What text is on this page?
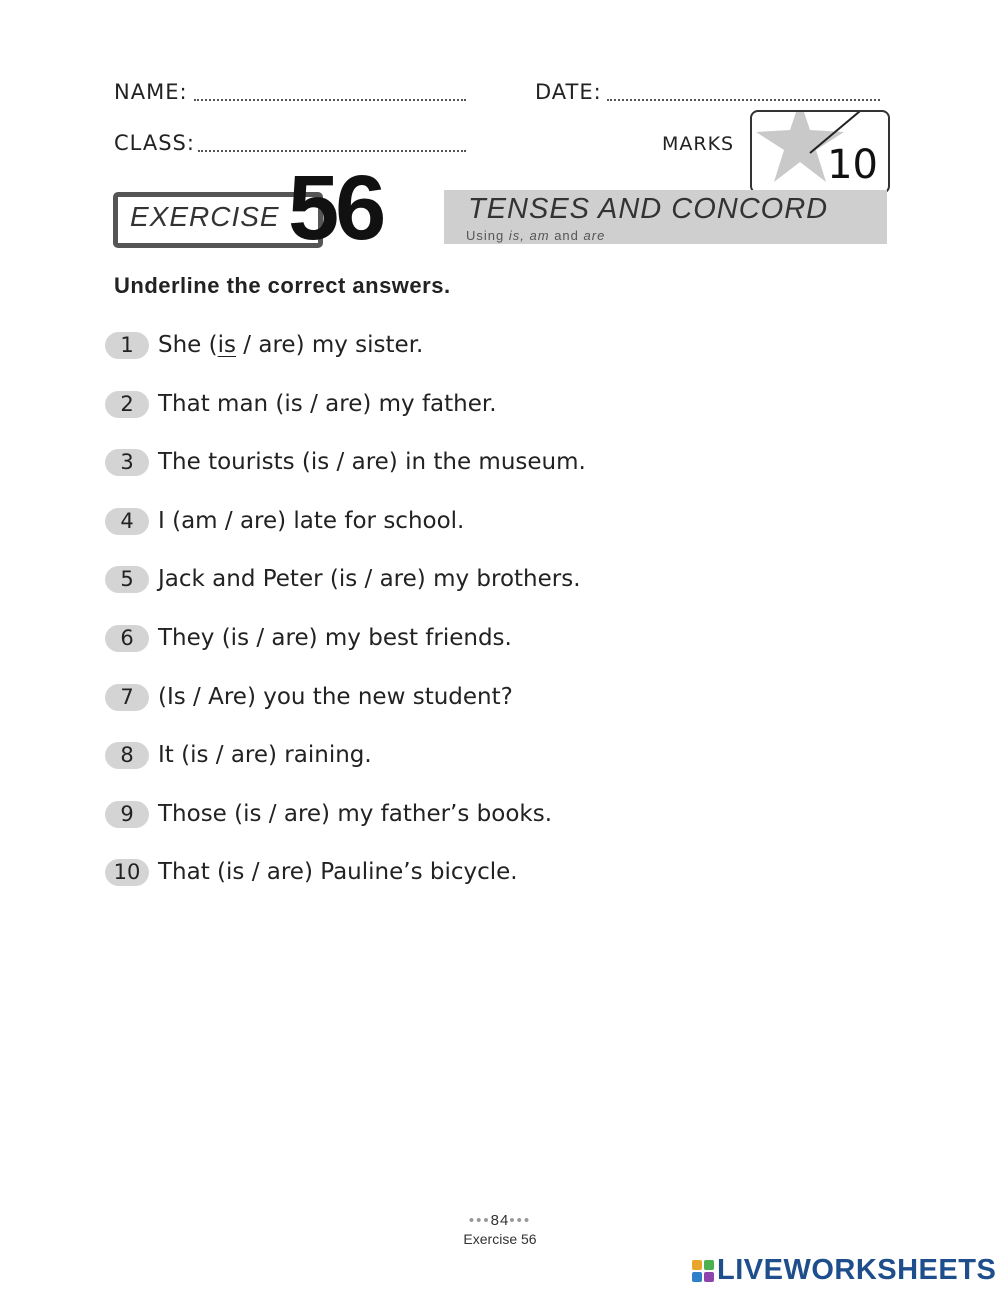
NAME:	DATE:
CLASS:	MARKS 10
EXERCISE 56	TENSES AND CONCORD
Using is, am and are
Underline the correct answers.
1	She (is / are) my sister.
2	That man (is / are) my father.
3	The tourists (is / are) in the museum.
4	I (am / are) late for school.
5	Jack and Peter (is / are) my brothers.
6	They (is / are) my best friends.
7	(Is / Are) you the new student?
8	It (is / are) raining.
9	Those (is / are) my father’s books.
10 That (is / are) Pauline’s bicycle.
•••84•••
Exercise 56
LIVEWORKSHEETS
